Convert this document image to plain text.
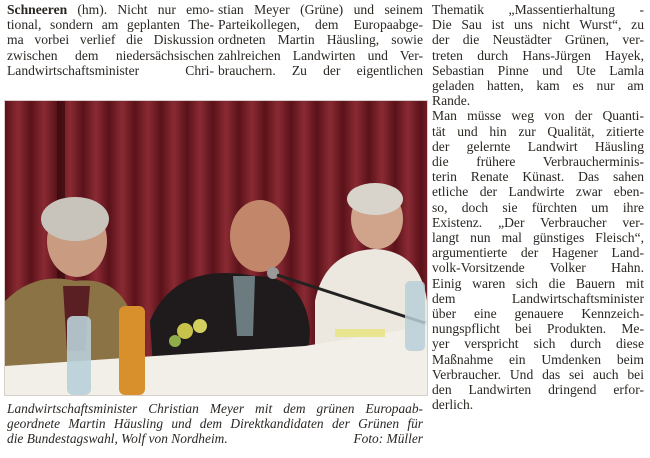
Schneeren (hm). Nicht nur emo-
tional, sondern am geplanten The-
ma vorbei verlief die Diskussion
zwischen dem niedersächsischen
Landwirtschaftsminister Chri-
stian Meyer (Grüne) und seinem
Parteikollegen, dem Europaabge-
ordneten Martin Häusling, sowie
zahlreichen Landwirten und Ver-
brauchern. Zu der eigentlichen
Thematik „Massentierhaltung -
Die Sau ist uns nicht Wurst“, zu
der die Neustädter Grünen, ver-
treten durch Hans-Jürgen Hayek,
Sebastian Pinne und Ute Lamla
geladen hatten, kam es nur am
Rande.
Man müsse weg von der Quanti-
tät und hin zur Qualität, zitierte
der gelernte Landwirt Häusling
die frühere Verbraucherminis-
terin Renate Künast. Das sahen
etliche der Landwirte zwar eben-
so, doch sie fürchten um ihre
Existenz. „Der Verbraucher ver-
langt nun mal günstiges Fleisch“,
argumentierte der Hagener Land-
volk-Vorsitzende Volker Hahn.
Einig waren sich die Bauern mit
dem Landwirtschaftsminister
über eine genauere Kennzeich-
nungspflicht bei Produkten. Me-
yer verspricht sich durch diese
Maßnahme ein Umdenken beim
Verbraucher. Und das sei auch bei
den Landwirten dringend erfor-
derlich.
Landwirtschaftsminister Christian Meyer mit dem grünen Europaab-
geordnete Martin Häusling und dem Direktkandidaten der Grünen für
die Bundestagswahl, Wolf von Nordheim.	Foto: Müller
